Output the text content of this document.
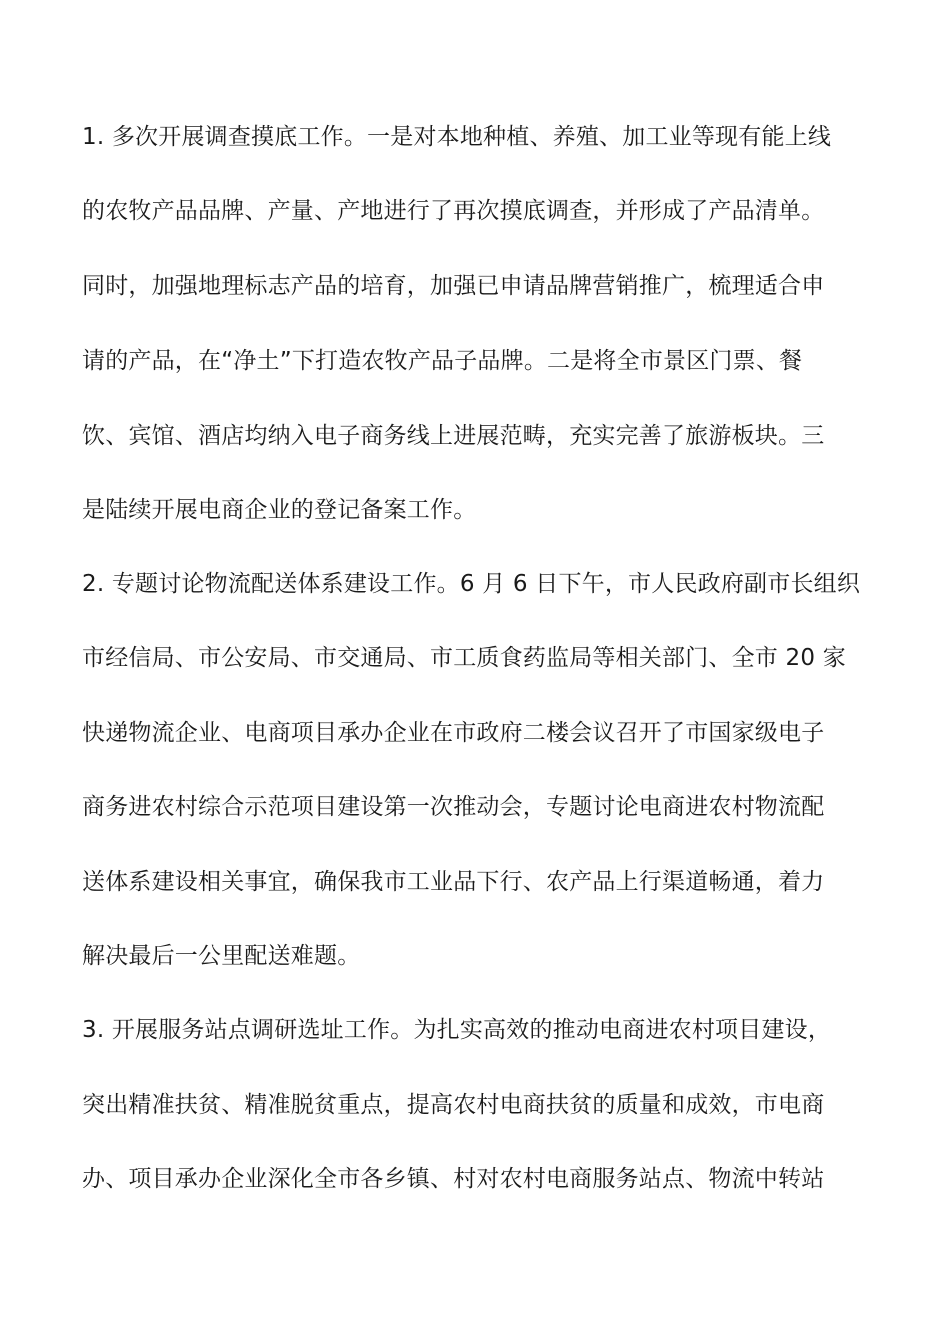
1. 多次开展调查摸底工作。一是对本地种植、养殖、加工业等现有能上线
的农牧产品品牌、产量、产地进行了再次摸底调查，并形成了产品清单。
同时，加强地理标志产品的培育，加强已申请品牌营销推广，梳理适合申
请的产品，在“净土”下打造农牧产品子品牌。二是将全市景区门票、餐
饮、宾馆、酒店均纳入电子商务线上进展范畴，充实完善了旅游板块。三
是陆续开展电商企业的登记备案工作。
2. 专题讨论物流配送体系建设工作。6 月 6 日下午，市人民政府副市长组织
市经信局、市公安局、市交通局、市工质食药监局等相关部门、全市 20 家
快递物流企业、电商项目承办企业在市政府二楼会议召开了市国家级电子
商务进农村综合示范项目建设第一次推动会，专题讨论电商进农村物流配
送体系建设相关事宜，确保我市工业品下行、农产品上行渠道畅通，着力
解决最后一公里配送难题。
3. 开展服务站点调研选址工作。为扎实高效的推动电商进农村项目建设，
突出精准扶贫、精准脱贫重点，提高农村电商扶贫的质量和成效，市电商
办、项目承办企业深化全市各乡镇、村对农村电商服务站点、物流中转站
